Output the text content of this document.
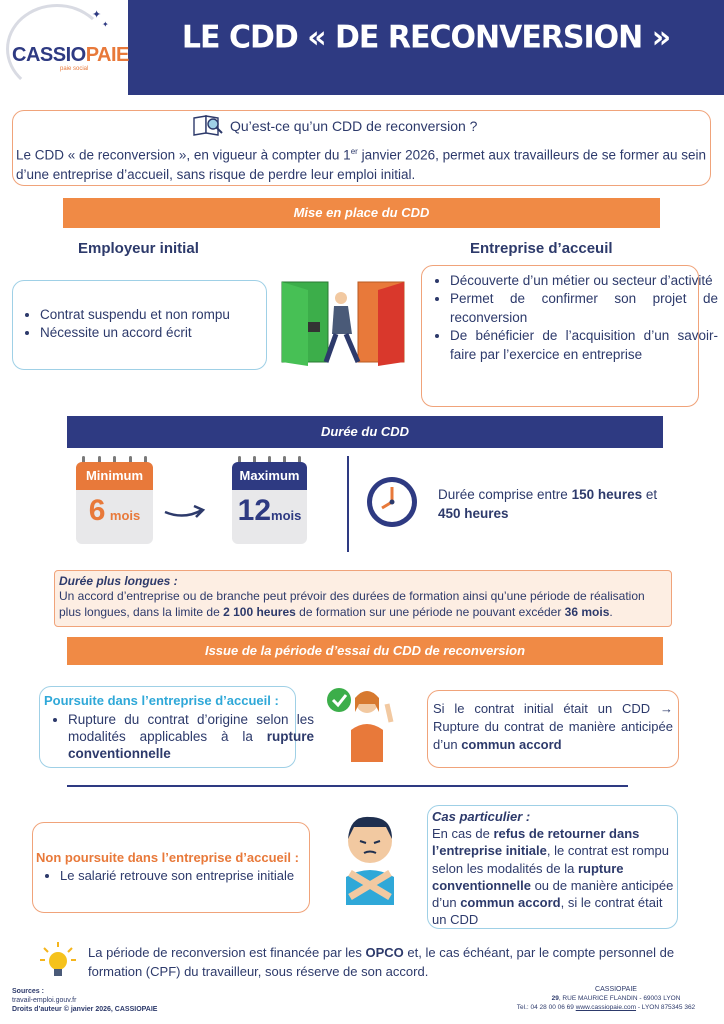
LE CDD « DE RECONVERSION »
✦
✦
CASSIOPAIE
paie social
Qu’est-ce qu’un CDD de reconversion ?
Le CDD « de reconversion », en vigueur à compter du 1er janvier 2026, permet aux travailleurs de se former au sein d’une entreprise d’accueil, sans risque de perdre leur emploi initial.
Mise en place du CDD
Employeur initial	Entreprise d’acceuil
• Contrat suspendu et non rompu
• Nécessite un accord écrit
• Découverte d’un métier ou secteur d’activité
• Permet de confirmer son projet de reconversion
• De bénéficier de l’acquisition d’un savoir-faire par l’exercice en entreprise
Durée du CDD
Minimum
6 mois
Maximum
12mois
Durée comprise entre 150 heures et 450 heures
Durée plus longues :
Un accord d’entreprise ou de branche peut prévoir des durées de formation ainsi qu’une période de réalisation plus longues, dans la limite de 2 100 heures de formation sur une période ne pouvant excéder 36 mois.
Issue de la période d’essai du CDD de reconversion
Poursuite dans l’entreprise d’accueil :
• Rupture du contrat d’origine selon les modalités applicables à la rupture conventionnelle
Si le contrat initial était un CDD → Rupture du contrat de manière anticipée d’un commun accord
Non poursuite dans l’entreprise d’accueil :
• Le salarié retrouve son entreprise initiale
Cas particulier :
En cas de refus de retourner dans l’entreprise initiale, le contrat est rompu selon les modalités de la rupture conventionnelle ou de manière anticipée d’un commun accord, si le contrat était un CDD
La période de reconversion est financée par les OPCO et, le cas échéant, par le compte personnel de formation (CPF) du travailleur, sous réserve de son accord.
Sources :
travail-emploi.gouv.fr
Droits d’auteur © janvier 2026, CASSIOPAIE
CASSIOPAIE
29, RUE MAURICE FLANDIN - 69003 LYON
Tel.: 04 28 00 06 69 www.cassiopaie.com - LYON 875345 362
